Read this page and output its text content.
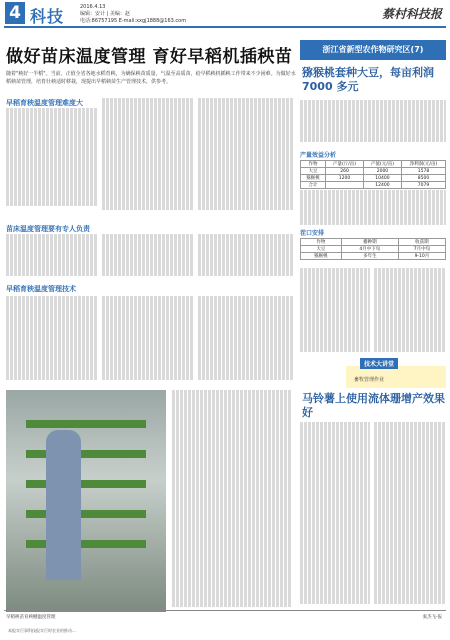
4 科技	2016.4.13
编辑：安计 | 美编：赵
电话:86757195 E-mail:xxgj1888@163.com	蔡村科技报
做好苗床温度管理 育好早稻机插秧苗
随着"秧好一半稻"。当前，正值全省各地水稻育秧，为确保秧苗质量，气温至高质苗，给早稻秧机插秧工作带来不少困难。为做好水稻秧苗管理，培育壮秧适时移栽，现提出早稻秧苗生产管理技术，供参考。
早稻育秧温度管理难度大
苗床温度管理要有专人负责
早稻育秧温度管理技术
浙江省新型农作物研究区(7)
猕猴桃套种大豆，每亩利润 7000 多元
产量效益分析
作物	产量(斤/亩)	产值(元/亩)	净利润(元/亩)
大豆	260	2000	1578
猕猴桃	1200	10400	8500
合计		12400	7079
茬口安排
作物	播种期	收获期
大豆	4月中下旬	7月中旬
猕猴桃	多年生	9-10月
畜牧管理作业
技术大讲堂
马铃薯上使用流体珊增产效果好
早稻秧苗育秧棚温度管理
本报实行事科技报实行时农业的推动...
张杰飞·报
